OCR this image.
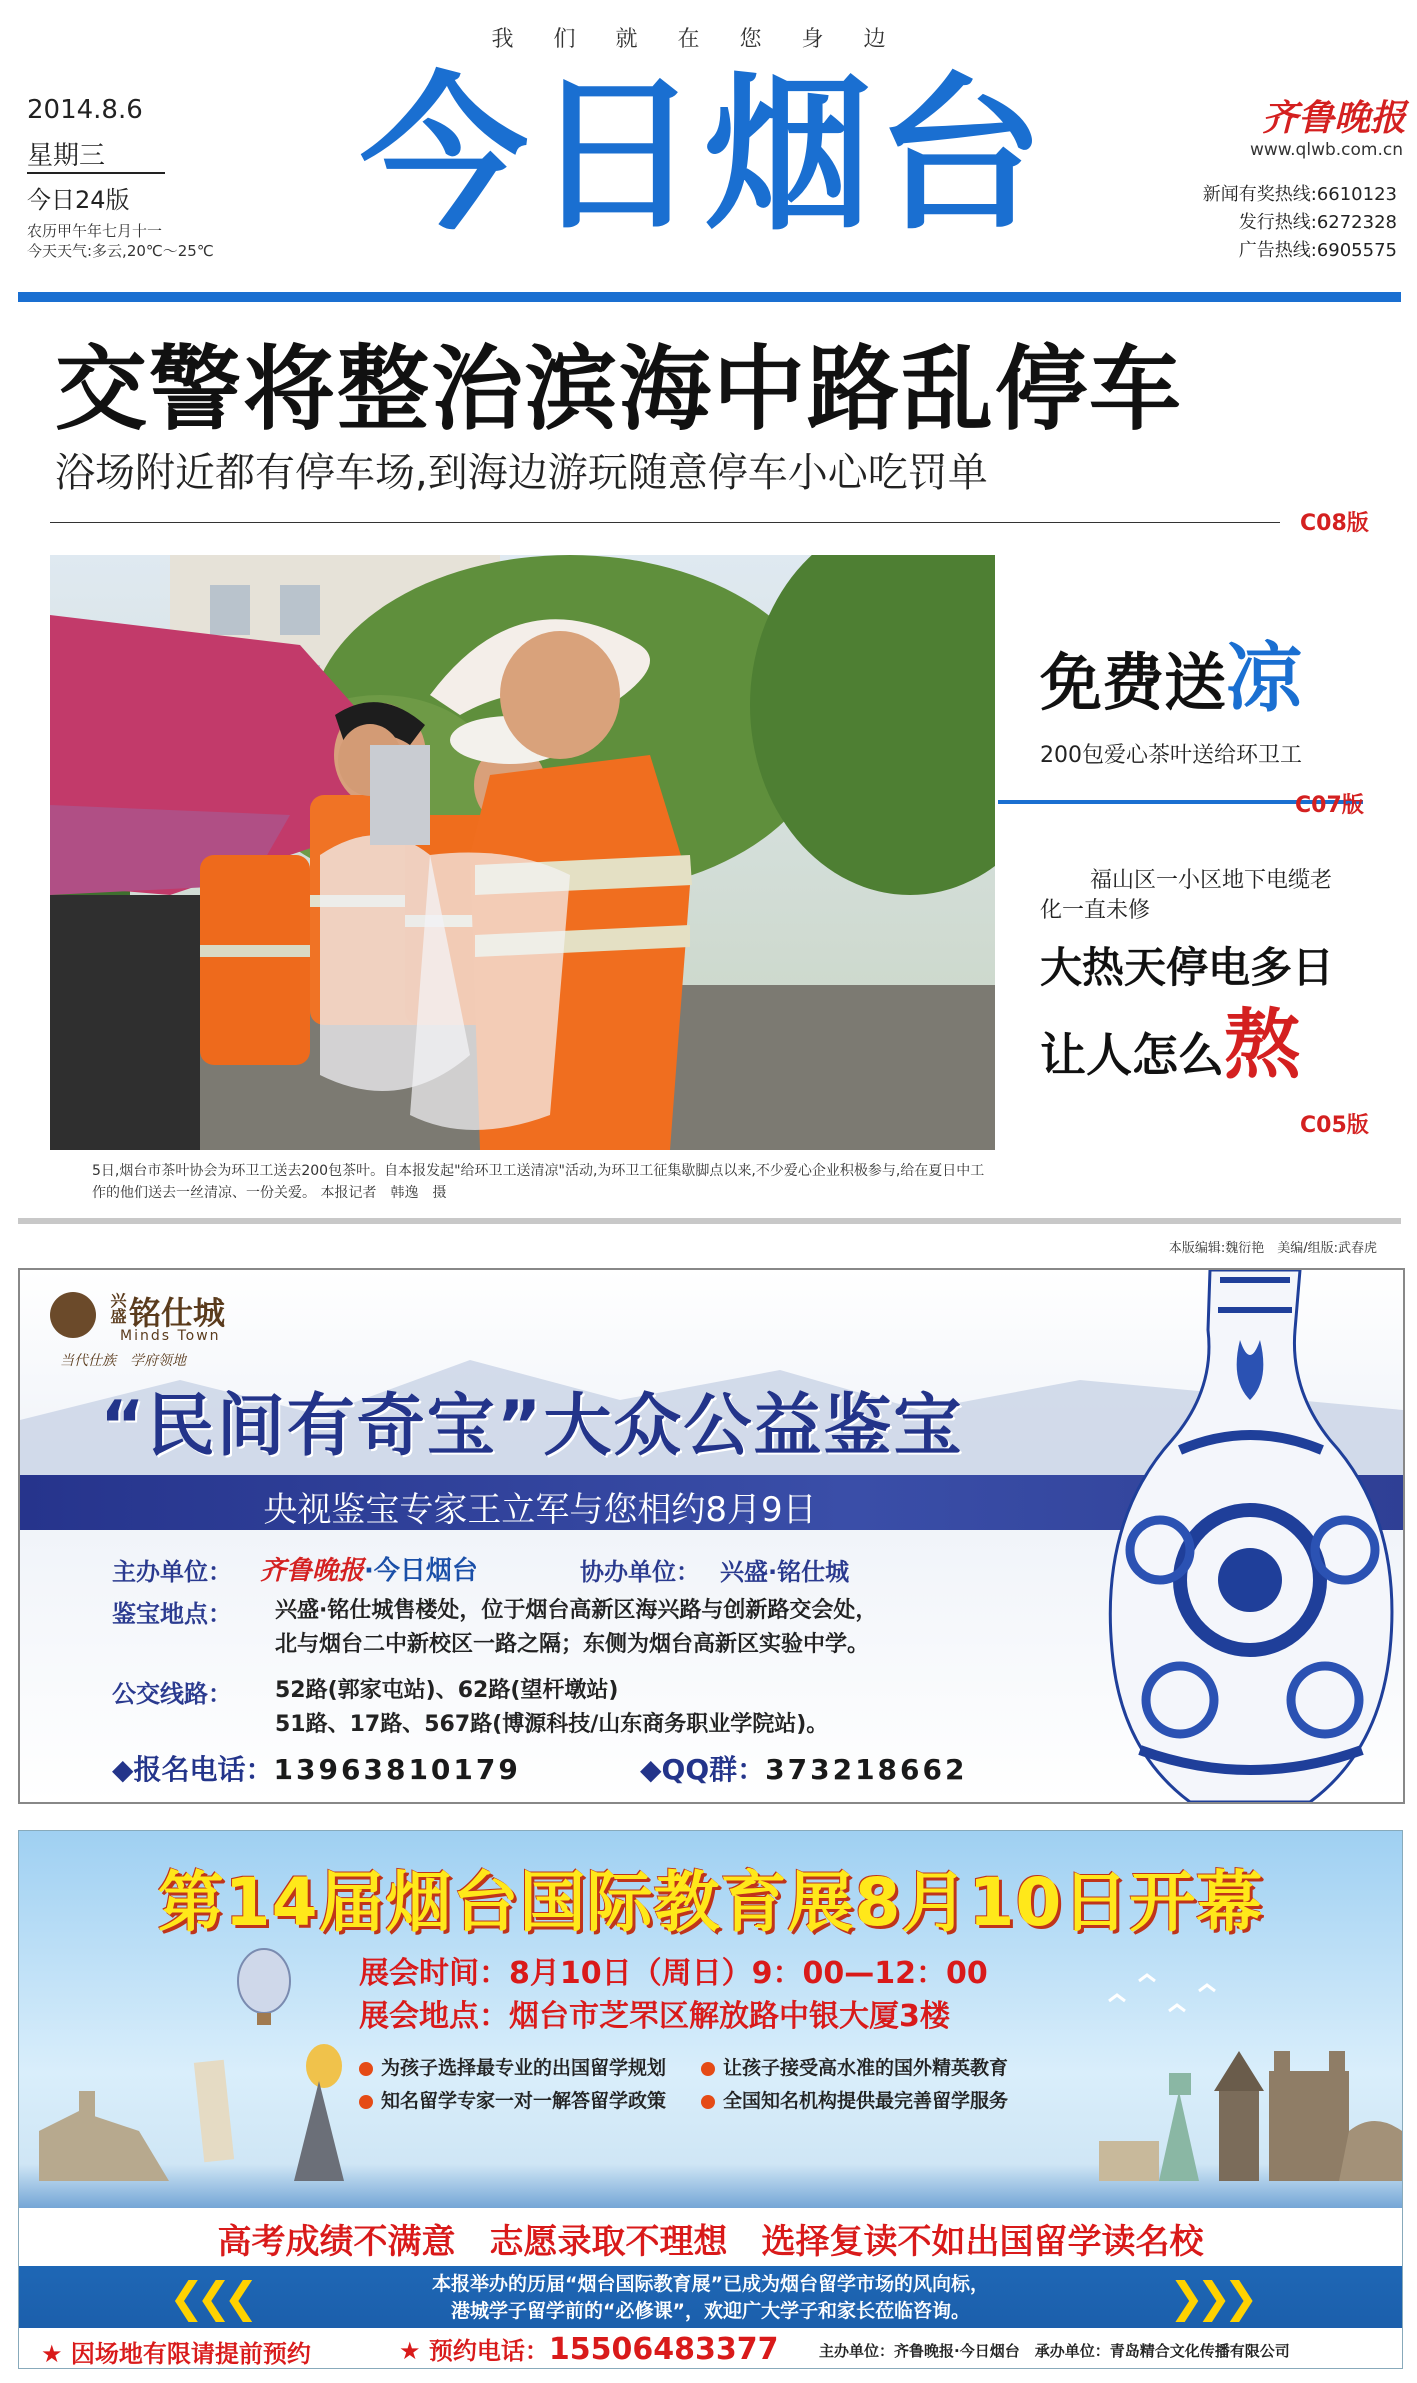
我们就在您身边
2014.8.6
星期三
今日24版
农历甲午年七月十一
今天天气:多云,20℃～25℃ 今日烟台	齐鲁晚报
www.qlwb.com.cn
新闻有奖热线:6610123
发行热线:6272328
广告热线:6905575
交警将整治滨海中路乱停车
浴场附近都有停车场,到海边游玩随意停车小心吃罚单
C08版
5日,烟台市茶叶协会为环卫工送去200包茶叶。自本报发起"给环卫工送清凉"活动,为环卫工征集歇脚点以来,不少爱心企业积极参与,给在夏日中工作的他们送去一丝清凉、一份关爱。 本报记者　韩逸　摄
免费送凉
200包爱心茶叶送给环卫工
C07版
福山区一小区地下电缆老化一直未修
大热天停电多日
让人怎么熬
C05版
本版编辑:魏衍艳　美编/组版:武春虎
兴盛铭仕城
Minds Town
当代仕族　学府领地
“民间有奇宝”大众公益鉴宝
央视鉴宝专家王立军与您相约8月9日
主办单位： 齐鲁晚报·今日烟台	协办单位： 兴盛·铭仕城
鉴宝地点： 兴盛·铭仕城售楼处，位于烟台高新区海兴路与创新路交会处，
北与烟台二中新校区一路之隔；东侧为烟台高新区实验中学。
公交线路： 52路(郭家屯站)、62路(望杆墩站)
51路、17路、567路(博源科技/山东商务职业学院站)。
◆报名电话：13963810179	◆QQ群：373218662
第14届烟台国际教育展8月10日开幕
展会时间：8月10日（周日）9：00—12：00
展会地点：烟台市芝罘区解放路中银大厦3楼
为孩子选择最专业的出国留学规划	让孩子接受高水准的国外精英教育
知名留学专家一对一解答留学政策	全国知名机构提供最完善留学服务
高考成绩不满意　志愿录取不理想　选择复读不如出国留学读名校
❮❮❮	❯❯❯
本报举办的历届“烟台国际教育展”已成为烟台留学市场的风向标，
港城学子留学前的“必修课”，欢迎广大学子和家长莅临咨询。
★ 因场地有限请提前预约	★ 预约电话：15506483377	主办单位：齐鲁晚报·今日烟台　承办单位：青岛精合文化传播有限公司
